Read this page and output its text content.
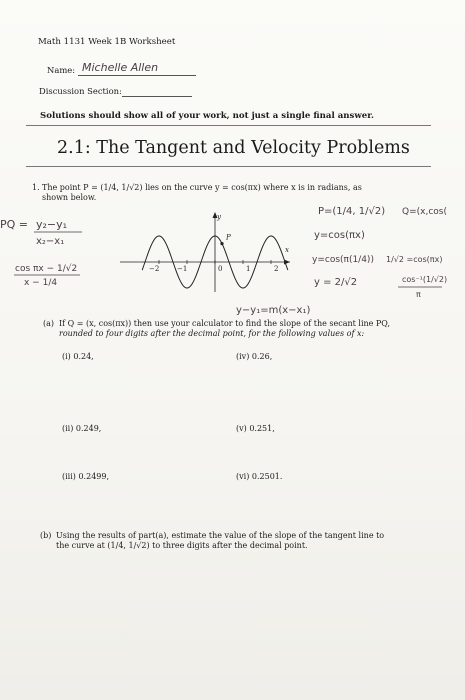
Math 1131 Week 1B Worksheet
Name: Michelle Allen
Discussion Section:
Solutions should show all of your work, not just a single final answer.
2.1: The Tangent and Velocity Problems
1. The point P = (1/4, 1/√2) lies on the curve y = cos(πx) where x is in radians, as
shown below.
y
x
−2	−1	0	1	2
P
PQ = y₂−y₁
x₂−x₁
cos πx − 1/√2
x − 1/4
P=(1/4, 1/√2) Q=(x,cos(
y=cos(πx)
y=cos(π(1/4)) 1/√2 =cos(πx)
y = 2/√2	cos⁻¹(1/√2)
π
y−y₁=m(x−x₁)
(a) If Q = (x, cos(πx)) then use your calculator to find the slope of the secant line PQ,
rounded to four digits after the decimal point, for the following values of x:
(i) 0.24,	(iv) 0.26,
(ii) 0.249,	(v) 0.251,
(iii) 0.2499,	(vi) 0.2501.
(b) Using the results of part(a), estimate the value of the slope of the tangent line to
the curve at (1/4, 1/√2) to three digits after the decimal point.
